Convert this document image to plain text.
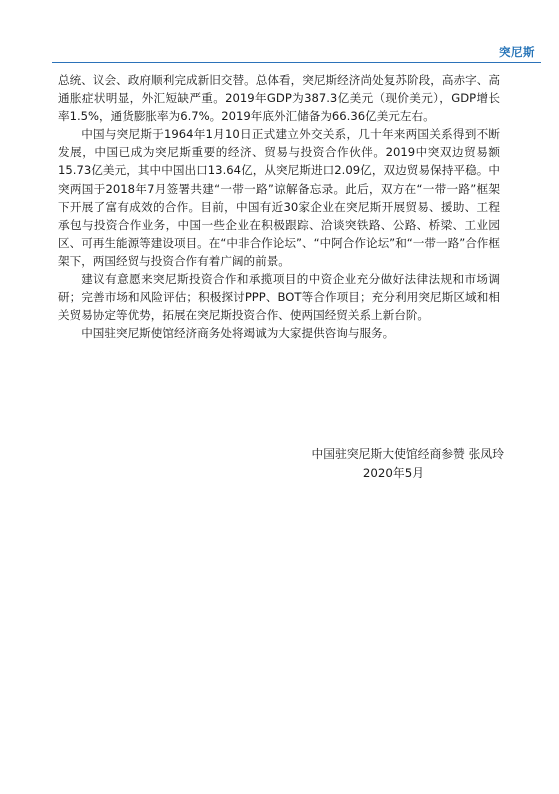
突尼斯

总统、议会、政府顺利完成新旧交替。总体看，突尼斯经济尚处复苏阶段，高赤字、高通胀症状明显，外汇短缺严重。2019年GDP为387.3亿美元（现价美元），GDP增长率1.5%，通货膨胀率为6.7%。2019年底外汇储备为66.36亿美元左右。

中国与突尼斯于1964年1月10日正式建立外交关系，几十年来两国关系得到不断发展，中国已成为突尼斯重要的经济、贸易与投资合作伙伴。2019中突双边贸易额15.73亿美元，其中中国出口13.64亿，从突尼斯进口2.09亿，双边贸易保持平稳。中突两国于2018年7月签署共建“一带一路”谅解备忘录。此后，双方在“一带一路”框架下开展了富有成效的合作。目前，中国有近30家企业在突尼斯开展贸易、援助、工程承包与投资合作业务，中国一些企业在积极跟踪、洽谈突铁路、公路、桥梁、工业园区、可再生能源等建设项目。在“中非合作论坛”、“中阿合作论坛”和“一带一路”合作框架下，两国经贸与投资合作有着广阔的前景。

建议有意愿来突尼斯投资合作和承揽项目的中资企业充分做好法律法规和市场调研；完善市场和风险评估；积极探讨PPP、BOT等合作项目；充分利用突尼斯区域和相关贸易协定等优势，拓展在突尼斯投资合作、使两国经贸关系上新台阶。

中国驻突尼斯使馆经济商务处将竭诚为大家提供咨询与服务。

中国驻突尼斯大使馆经商参赞 张凤玲
2020年5月
